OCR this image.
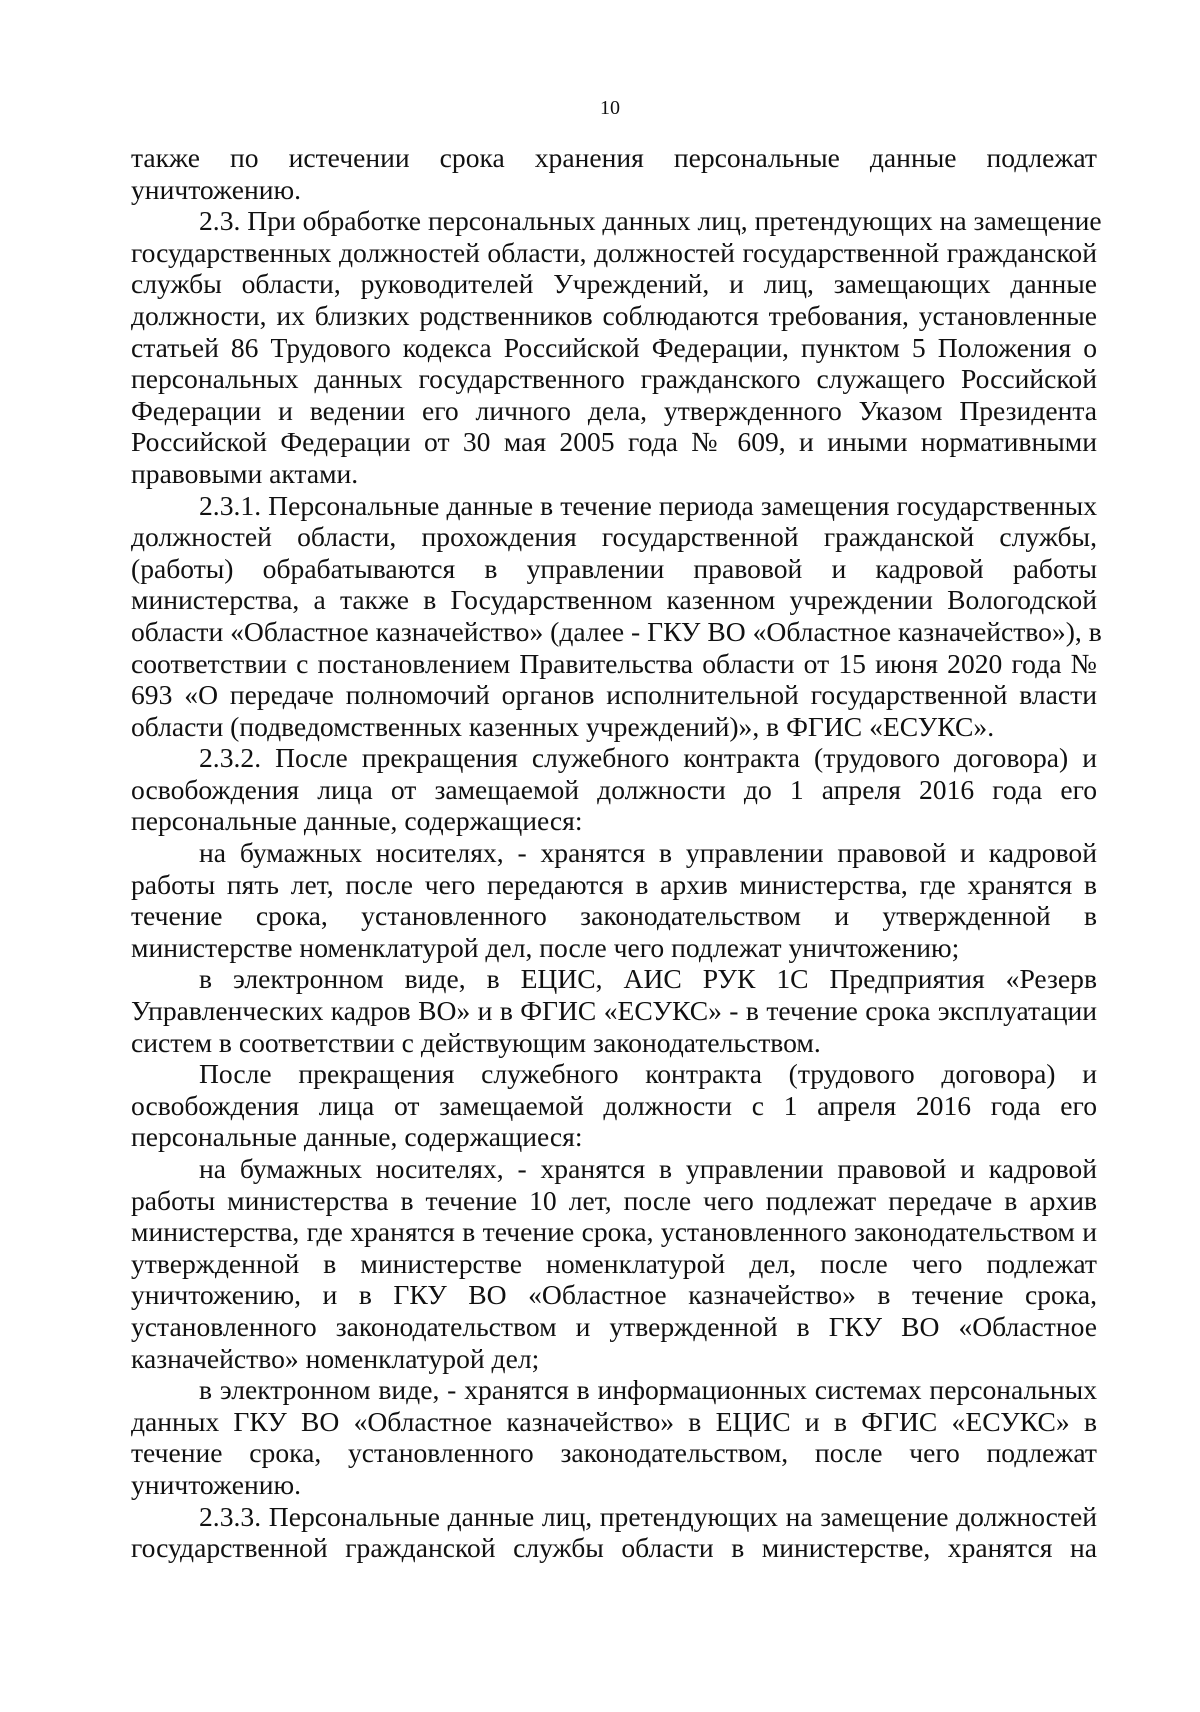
10
также по истечении срока хранения персональные данные подлежат
уничтожению.
2.3. При обработке персональных данных лиц, претендующих на замещение
государственных должностей области, должностей государственной гражданской
службы области, руководителей Учреждений, и лиц, замещающих данные
должности, их близких родственников соблюдаются требования, установленные
статьей 86 Трудового кодекса Российской Федерации, пунктом 5 Положения о
персональных данных государственного гражданского служащего Российской
Федерации и ведении его личного дела, утвержденного Указом Президента
Российской Федерации от 30 мая 2005 года № 609, и иными нормативными
правовыми актами.
2.3.1. Персональные данные в течение периода замещения государственных
должностей области, прохождения государственной гражданской службы,
(работы) обрабатываются в управлении правовой и кадровой работы
министерства, а также в Государственном казенном учреждении Вологодской
области «Областное казначейство» (далее - ГКУ ВО «Областное казначейство»), в
соответствии с постановлением Правительства области от 15 июня 2020 года №
693 «О передаче полномочий органов исполнительной государственной власти
области (подведомственных казенных учреждений)», в ФГИС «ЕСУКС».
2.3.2. После прекращения служебного контракта (трудового договора) и
освобождения лица от замещаемой должности до 1 апреля 2016 года его
персональные данные, содержащиеся:
на бумажных носителях, - хранятся в управлении правовой и кадровой
работы пять лет, после чего передаются в архив министерства, где хранятся в
течение срока, установленного законодательством и утвержденной в
министерстве номенклатурой дел, после чего подлежат уничтожению;
в электронном виде, в ЕЦИС, АИС РУК 1С Предприятия «Резерв
Управленческих кадров ВО» и в ФГИС «ЕСУКС» - в течение срока эксплуатации
систем в соответствии с действующим законодательством.
После прекращения служебного контракта (трудового договора) и
освобождения лица от замещаемой должности с 1 апреля 2016 года его
персональные данные, содержащиеся:
на бумажных носителях, - хранятся в управлении правовой и кадровой
работы министерства в течение 10 лет, после чего подлежат передаче в архив
министерства, где хранятся в течение срока, установленного законодательством и
утвержденной в министерстве номенклатурой дел, после чего подлежат
уничтожению, и в ГКУ ВО «Областное казначейство» в течение срока,
установленного законодательством и утвержденной в ГКУ ВО «Областное
казначейство» номенклатурой дел;
в электронном виде, - хранятся в информационных системах персональных
данных ГКУ ВО «Областное казначейство» в ЕЦИС и в ФГИС «ЕСУКС» в
течение срока, установленного законодательством, после чего подлежат
уничтожению.
2.3.3. Персональные данные лиц, претендующих на замещение должностей
государственной гражданской службы области в министерстве, хранятся на
